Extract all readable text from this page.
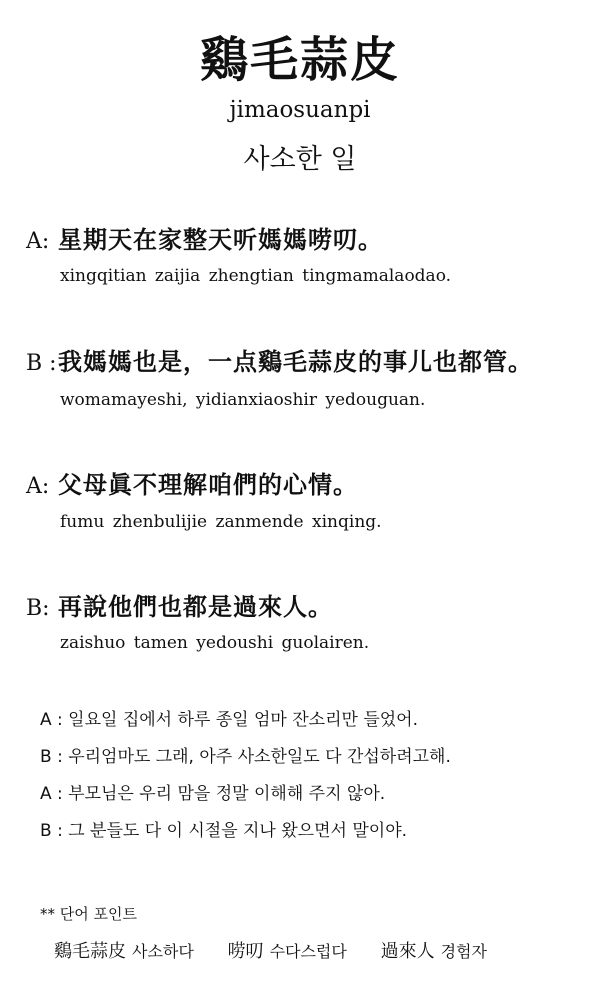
鷄毛蒜皮
jimaosuanpi
사소한 일
A: 星期天在家整天听媽媽唠叨。
xingqitian zaijia zhengtian tingmamalaodao.
B :我媽媽也是，一点鷄毛蒜皮的事儿也都管。
womamayeshi, yidianxiaoshir yedouguan.
A: 父母眞不理解咱們的心情。
fumu zhenbulijie zanmende xinqing.
B: 再說他們也都是過來人。
zaishuo tamen yedoushi guolairen.
A : 일요일 집에서 하루 종일 엄마 잔소리만 들었어.
B : 우리엄마도 그래, 아주 사소한일도 다 간섭하려고해.
A : 부모님은 우리 맘을 정말 이해해 주지 않아.
B : 그 분들도 다 이 시절을 지나 왔으면서 말이야.
** 단어 포인트
鷄毛蒜皮 사소하다 唠叨 수다스럽다 過來人 경험자
